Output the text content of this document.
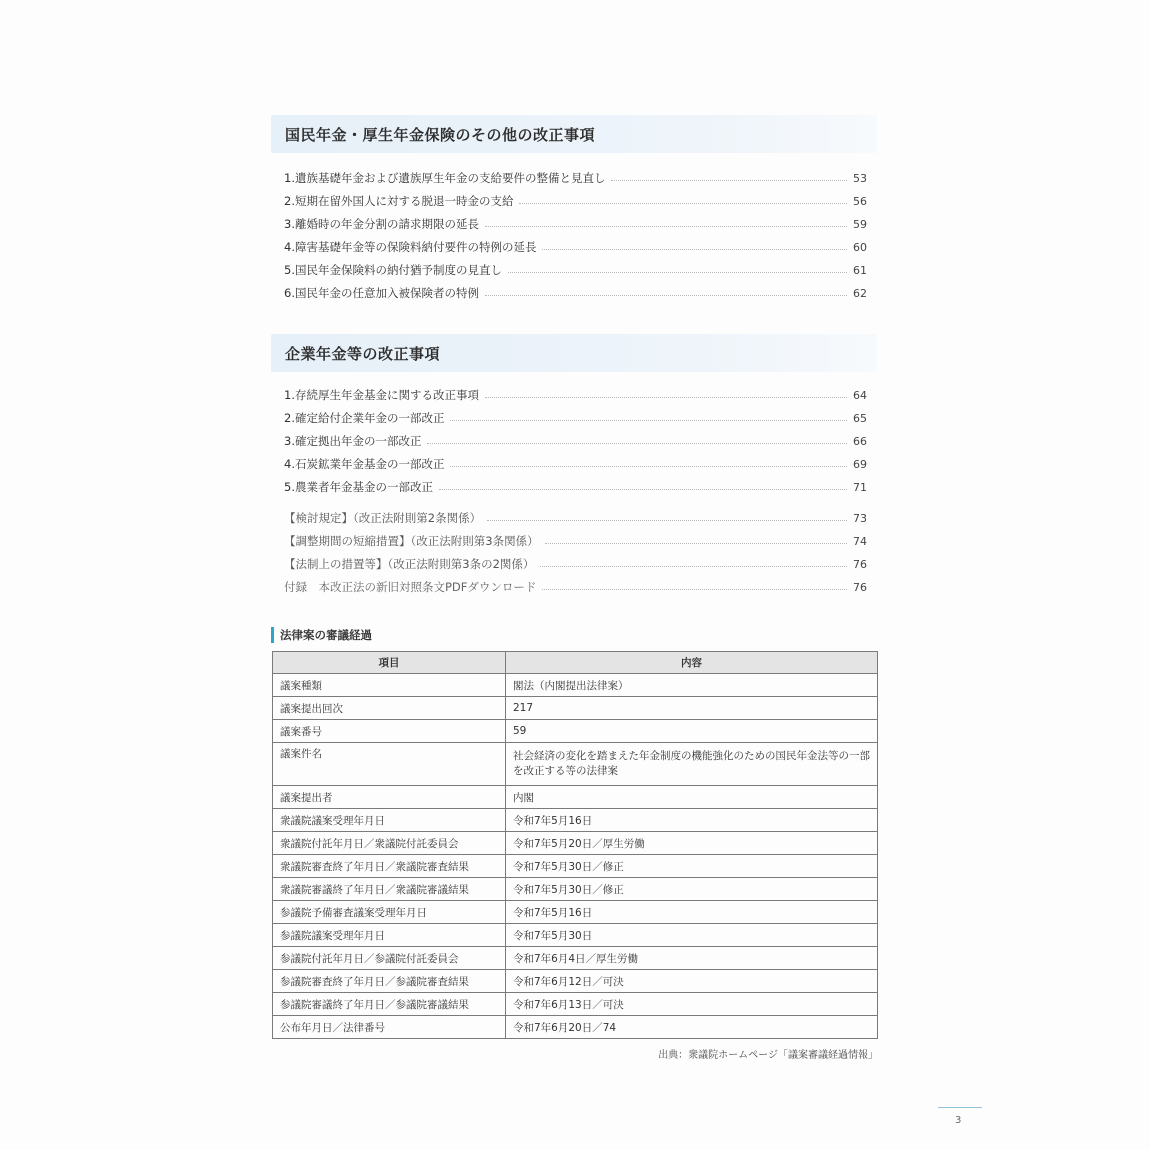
国民年金・厚生年金保険のその他の改正事項
1.遺族基礎年金および遺族厚生年金の支給要件の整備と見直し	53
2.短期在留外国人に対する脱退一時金の支給	56
3.離婚時の年金分割の請求期限の延長	59
4.障害基礎年金等の保険料納付要件の特例の延長	60
5.国民年金保険料の納付猶予制度の見直し	61
6.国民年金の任意加入被保険者の特例	62
企業年金等の改正事項
1.存続厚生年金基金に関する改正事項	64
2.確定給付企業年金の一部改正	65
3.確定拠出年金の一部改正	66
4.石炭鉱業年金基金の一部改正	69
5.農業者年金基金の一部改正	71
【検討規定】（改正法附則第2条関係）	73
【調整期間の短縮措置】（改正法附則第3条関係）	74
【法制上の措置等】（改正法附則第3条の2関係）	76
付録　本改正法の新旧対照条文PDFダウンロード	76
法律案の審議経過
項目	内容
議案種類	閣法（内閣提出法律案）
議案提出回次	217
議案番号	59
議案件名	社会経済の変化を踏まえた年金制度の機能強化のための国民年金法等の一部を改正する等の法律案
議案提出者	内閣
衆議院議案受理年月日	令和7年5月16日
衆議院付託年月日／衆議院付託委員会	令和7年5月20日／厚生労働
衆議院審査終了年月日／衆議院審査結果	令和7年5月30日／修正
衆議院審議終了年月日／衆議院審議結果	令和7年5月30日／修正
参議院予備審査議案受理年月日	令和7年5月16日
参議院議案受理年月日	令和7年5月30日
参議院付託年月日／参議院付託委員会	令和7年6月4日／厚生労働
参議院審査終了年月日／参議院審査結果	令和7年6月12日／可決
参議院審議終了年月日／参議院審議結果	令和7年6月13日／可決
公布年月日／法律番号	令和7年6月20日／74
出典：衆議院ホームページ「議案審議経過情報」
3
